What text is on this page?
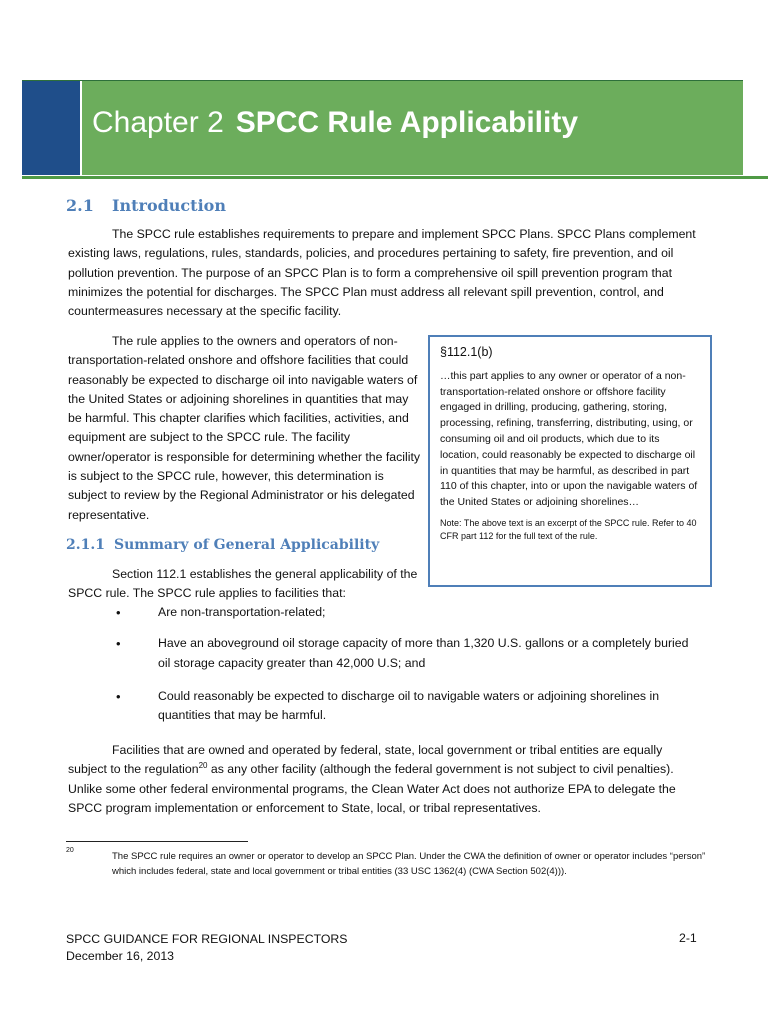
Chapter 2 SPCC Rule Applicability
2.1 Introduction
The SPCC rule establishes requirements to prepare and implement SPCC Plans. SPCC Plans complement existing laws, regulations, rules, standards, policies, and procedures pertaining to safety, fire prevention, and oil pollution prevention. The purpose of an SPCC Plan is to form a comprehensive oil spill prevention program that minimizes the potential for discharges. The SPCC Plan must address all relevant spill prevention, control, and countermeasures necessary at the specific facility.
The rule applies to the owners and operators of non-transportation-related onshore and offshore facilities that could reasonably be expected to discharge oil into navigable waters of the United States or adjoining shorelines in quantities that may be harmful. This chapter clarifies which facilities, activities, and equipment are subject to the SPCC rule. The facility owner/operator is responsible for determining whether the facility is subject to the SPCC rule, however, this determination is subject to review by the Regional Administrator or his delegated representative.
§112.1(b)
…this part applies to any owner or operator of a non-transportation-related onshore or offshore facility engaged in drilling, producing, gathering, storing, processing, refining, transferring, distributing, using, or consuming oil and oil products, which due to its location, could reasonably be expected to discharge oil in quantities that may be harmful, as described in part 110 of this chapter, into or upon the navigable waters of the United States or adjoining shorelines…
Note: The above text is an excerpt of the SPCC rule. Refer to 40 CFR part 112 for the full text of the rule.
2.1.1 Summary of General Applicability
Section 112.1 establishes the general applicability of the SPCC rule. The SPCC rule applies to facilities that:
•	Are non-transportation-related;
•	Have an aboveground oil storage capacity of more than 1,320 U.S. gallons or a completely buried oil storage capacity greater than 42,000 U.S; and
•	Could reasonably be expected to discharge oil to navigable waters or adjoining shorelines in quantities that may be harmful.
Facilities that are owned and operated by federal, state, local government or tribal entities are equally subject to the regulation$^{20}$ as any other facility (although the federal government is not subject to civil penalties). Unlike some other federal environmental programs, the Clean Water Act does not authorize EPA to delegate the SPCC program implementation or enforcement to State, local, or tribal representatives.
20
The SPCC rule requires an owner or operator to develop an SPCC Plan. Under the CWA the definition of owner or operator includes “person” which includes federal, state and local government or tribal entities (33 USC 1362(4) (CWA Section 502(4))).
SPCC GUIDANCE FOR REGIONAL INSPECTORS
December 16, 2013
2-1
